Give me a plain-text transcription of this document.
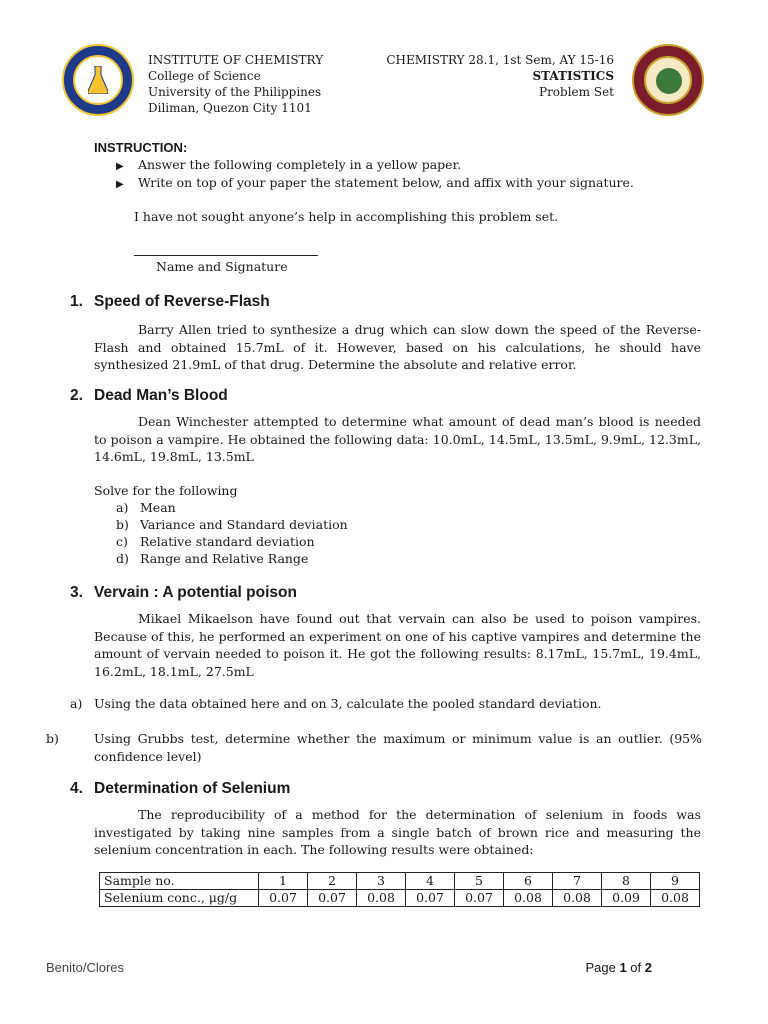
INSTITUTE OF CHEMISTRY
College of Science
University of the Philippines
Diliman, Quezon City 1101
CHEMISTRY 28.1, 1st Sem, AY 15-16
STATISTICS
Problem Set
INSTRUCTION:
▶ Answer the following completely in a yellow paper.
▶ Write on top of your paper the statement below, and affix with your signature.
I have not sought anyone’s help in accomplishing this problem set.
Name and Signature
1. Speed of Reverse-Flash
Barry Allen tried to synthesize a drug which can slow down the speed of the Reverse-Flash and obtained 15.7mL of it. However, based on his calculations, he should have synthesized 21.9mL of that drug. Determine the absolute and relative error.
2. Dead Man’s Blood
Dean Winchester attempted to determine what amount of dead man’s blood is needed to poison a vampire. He obtained the following data: 10.0mL, 14.5mL, 13.5mL, 9.9mL, 12.3mL, 14.6mL, 19.8mL, 13.5mL
Solve for the following
a) Mean
b) Variance and Standard deviation
c) Relative standard deviation
d) Range and Relative Range
3. Vervain : A potential poison
Mikael Mikaelson have found out that vervain can also be used to poison vampires. Because of this, he performed an experiment on one of his captive vampires and determine the amount of vervain needed to poison it. He got the following results: 8.17mL, 15.7mL, 19.4mL, 16.2mL, 18.1mL, 27.5mL
a) Using the data obtained here and on 3, calculate the pooled standard deviation.
b)	Using Grubbs test, determine whether the maximum or minimum value is an outlier. (95% confidence level)
4. Determination of Selenium
The reproducibility of a method for the determination of selenium in foods was investigated by taking nine samples from a single batch of brown rice and measuring the selenium concentration in each. The following results were obtained:
Sample no.	1	2	3	4	5	6	7	8	9
Selenium conc., μg/g	0.07	0.07	0.08	0.07	0.07	0.08	0.08	0.09	0.08
Benito/Clores	Page 1 of 2
